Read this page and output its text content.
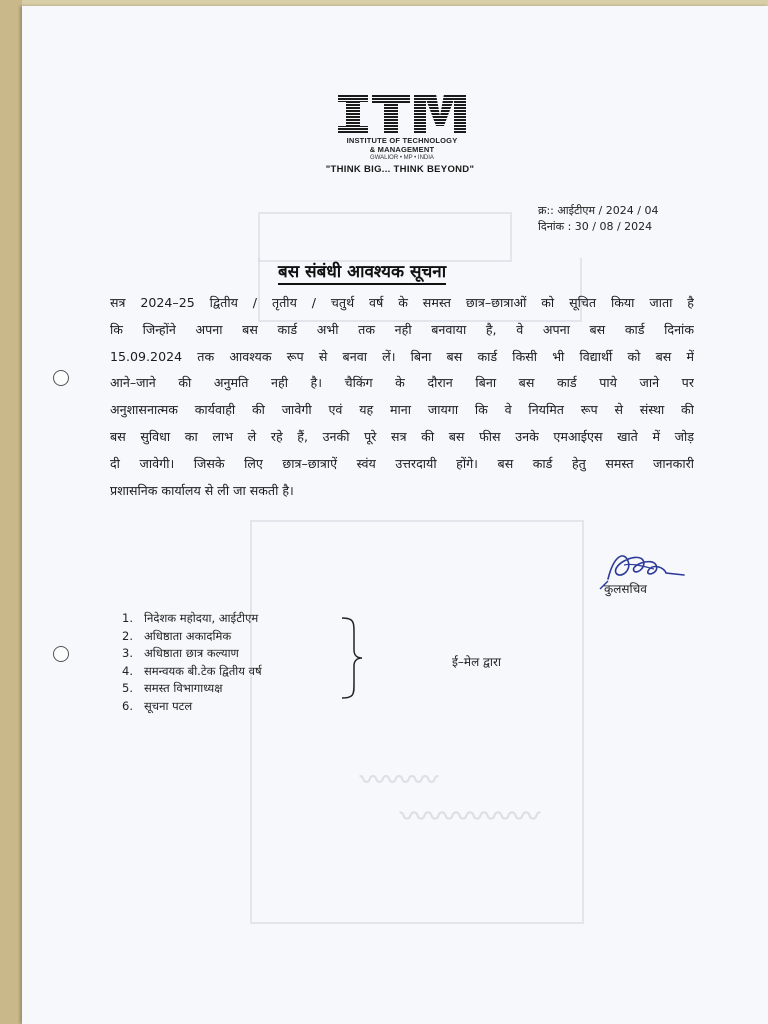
〰〰〰
〰〰〰〰〰
INSTITUTE OF TECHNOLOGY
& MANAGEMENT
GWALIOR • MP • INDIA
"THINK BIG... THINK BEYOND"
क्र:: आईटीएम / 2024 / 04
दिनांक : 30 / 08 / 2024
बस संबंधी आवश्यक सूचना
सत्र 2024–25 द्वितीय / तृतीय / चतुर्थ वर्ष के समस्त छात्र–छात्राओं को सूचित किया जाता है
कि जिन्होंने अपना बस कार्ड अभी तक नही बनवाया है, वे अपना बस कार्ड दिनांक
15.09.2024 तक आवश्यक रूप से बनवा लें। बिना बस कार्ड किसी भी विद्यार्थी को बस में
आने–जाने की अनुमति नही है। चैकिंग के दौरान बिना बस कार्ड पाये जाने पर
अनुशासनात्मक कार्यवाही की जावेगी एवं यह माना जायगा कि वे नियमित रूप से संस्था की
बस सुविधा का लाभ ले रहे हैं, उनकी पूरे सत्र की बस फीस उनके एमआईएस खाते में जोड़
दी जावेगी। जिसके लिए छात्र–छात्राऐं स्वंय उत्तरदायी होंगे। बस कार्ड हेतु समस्त जानकारी
प्रशासनिक कार्यालय से ली जा सकती है।
कुलसचिव
1. निदेशक महोदया, आईटीएम
2. अधिष्ठाता अकादमिक
3. अधिष्ठाता छात्र कल्याण
4. समन्वयक बी.टेक द्वितीय वर्ष
5. समस्त विभागाध्यक्ष
6. सूचना पटल
ई–मेल द्वारा
